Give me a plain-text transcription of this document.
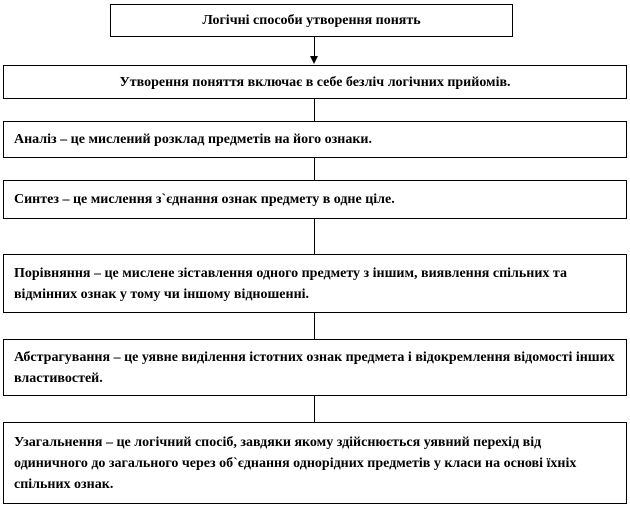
Логічні способи утворення понять
Утворення поняття включає в себе безліч логічних прийомів.
Аналіз – це мислений розклад предметів на його ознаки.
Синтез – це мислення з`єднання ознак предмету в одне ціле.
Порівняння – це мислене зіставлення одного предмету з іншим, виявлення спільних та відмінних ознак у тому чи іншому відношенні.
Абстрагування – це уявне виділення істотних ознак предмета і відокремлення відомості інших властивостей.
Узагальнення – це логічний спосіб, завдяки якому здійснюється уявний перехід від одиничного до загального через об`єднання однорідних предметів у класи на основі їхніх спільних ознак.
